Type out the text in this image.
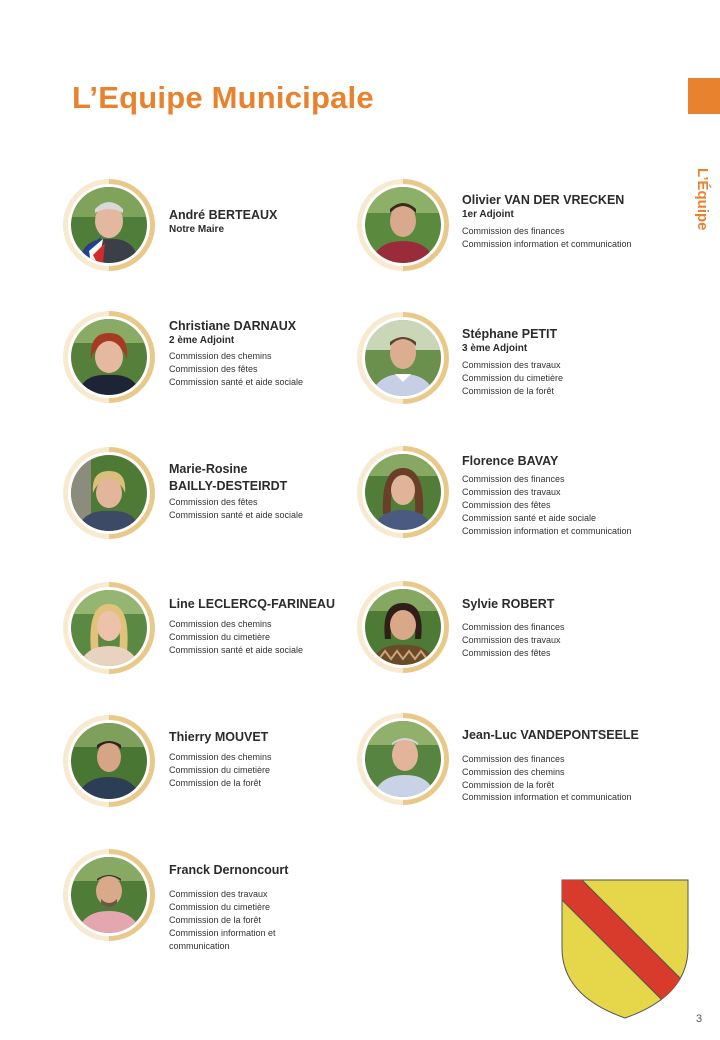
L’Equipe Municipale
L’Équipe
André BERTEAUX
Notre Maire
Olivier VAN DER VRECKEN
1er Adjoint
Commission des finances
Commission information et communication
Christiane DARNAUX
2 ème Adjoint
Commission des chemins
Commission des fêtes
Commission santé et aide sociale
Stéphane PETIT
3 ème Adjoint
Commission des travaux
Commission du cimetière
Commission de la forêt
Marie-Rosine
BAILLY-DESTEIRDT
Commission des fêtes
Commission santé et aide sociale
Florence BAVAY
Commission des finances
Commission des travaux
Commission des fêtes
Commission santé et aide sociale
Commission information et communication
Line LECLERCQ-FARINEAU
Commission des chemins
Commission du cimetière
Commission santé et aide sociale
Sylvie ROBERT
Commission des finances
Commission des travaux
Commission des fêtes
Thierry MOUVET
Commission des chemins
Commission du cimetière
Commission de la forêt
Jean-Luc VANDEPONTSEELE
Commission des finances
Commission des chemins
Commission de la forêt
Commission information et communication
Franck Dernoncourt
Commission des travaux
Commission du cimetière
Commission de la forêt
Commission information et
communication
3
